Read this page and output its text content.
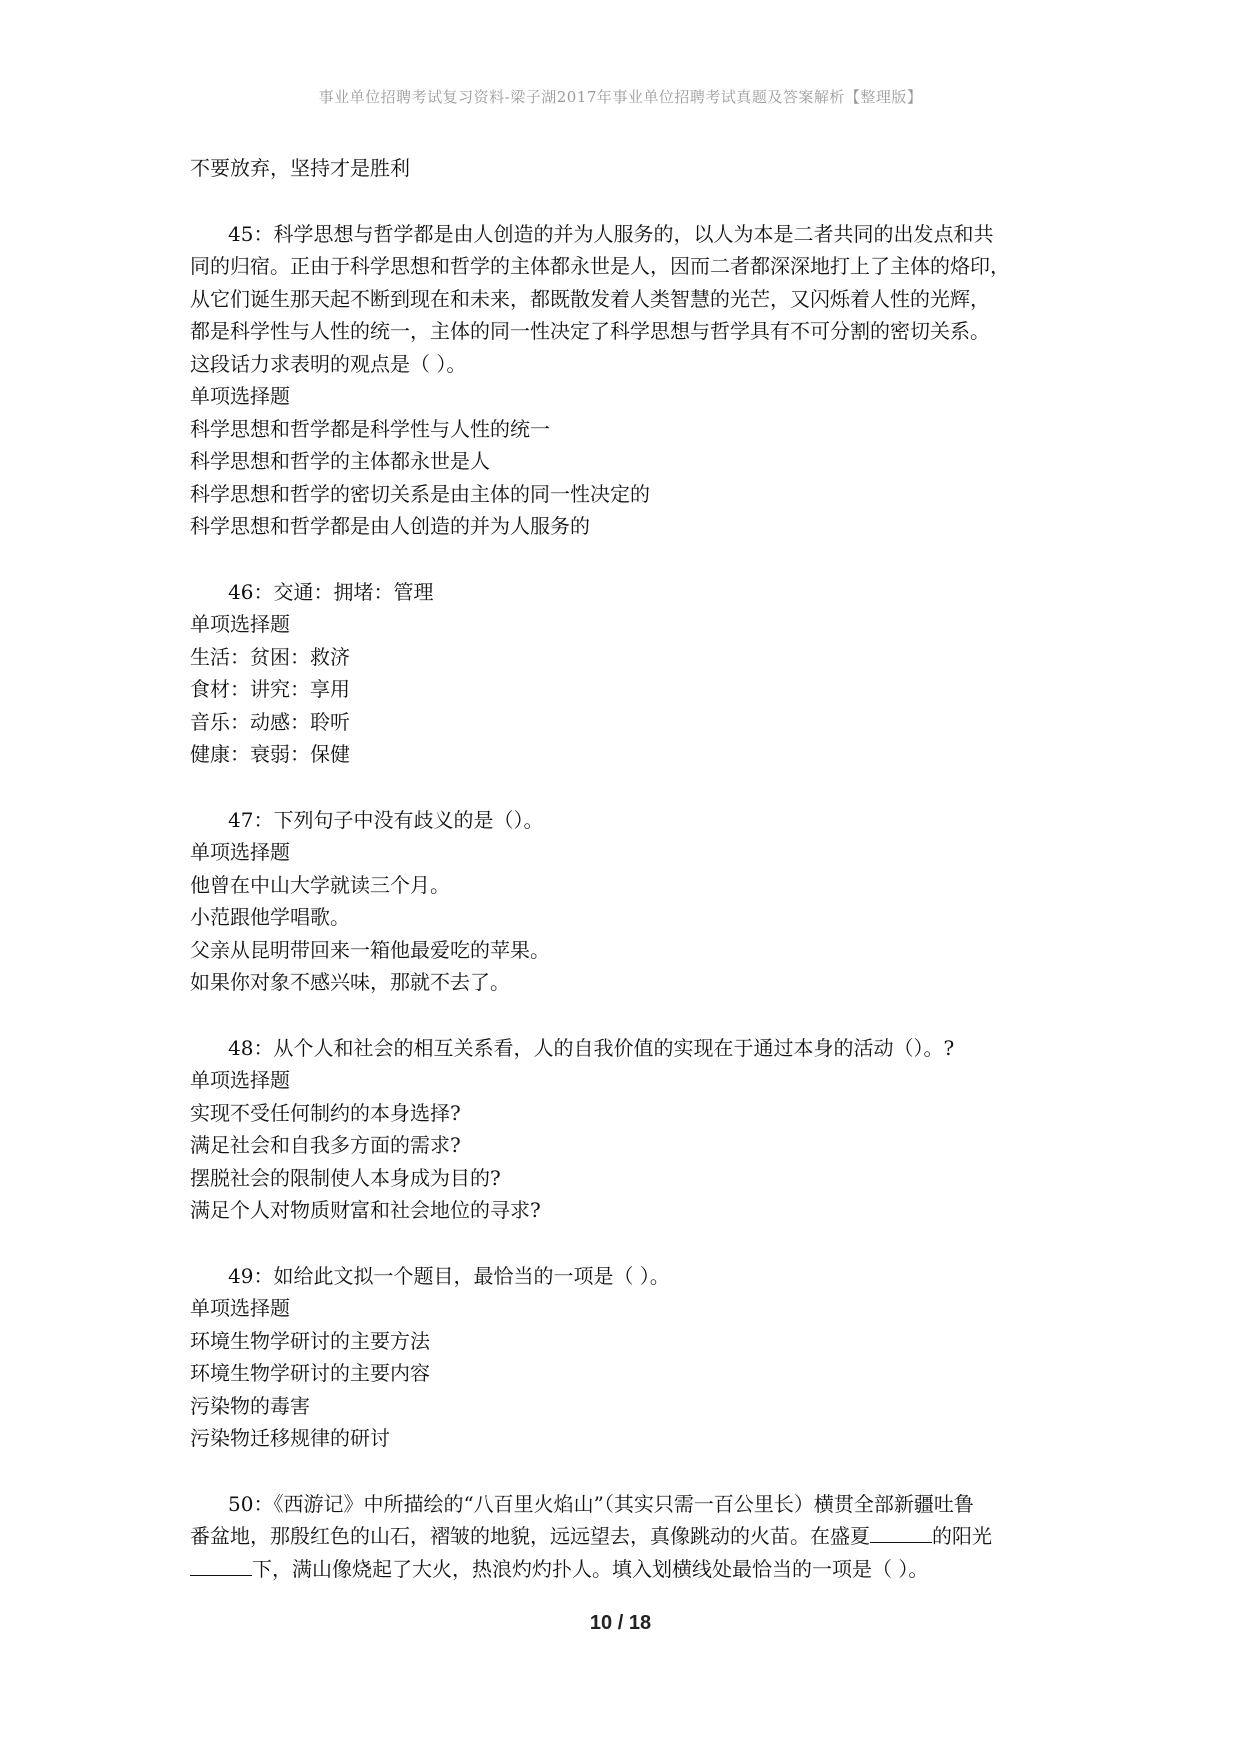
事业单位招聘考试复习资料-梁子湖2017年事业单位招聘考试真题及答案解析【整理版】
不要放弃，坚持才是胜利
45：科学思想与哲学都是由人创造的并为人服务的，以人为本是二者共同的出发点和共
同的归宿。正由于科学思想和哲学的主体都永世是人，因而二者都深深地打上了主体的烙印，
从它们诞生那天起不断到现在和未来，都既散发着人类智慧的光芒，又闪烁着人性的光辉，
都是科学性与人性的统一，主体的同一性决定了科学思想与哲学具有不可分割的密切关系。
这段话力求表明的观点是（ ）。
单项选择题
科学思想和哲学都是科学性与人性的统一
科学思想和哲学的主体都永世是人
科学思想和哲学的密切关系是由主体的同一性决定的
科学思想和哲学都是由人创造的并为人服务的
46：交通：拥堵：管理
单项选择题
生活：贫困：救济
食材：讲究：享用
音乐：动感：聆听
健康：衰弱：保健
47：下列句子中没有歧义的是（）。
单项选择题
他曾在中山大学就读三个月。
小范跟他学唱歌。
父亲从昆明带回来一箱他最爱吃的苹果。
如果你对象不感兴味，那就不去了。
48：从个人和社会的相互关系看，人的自我价值的实现在于通过本身的活动（）。?
单项选择题
实现不受任何制约的本身选择?
满足社会和自我多方面的需求?
摆脱社会的限制使人本身成为目的?
满足个人对物质财富和社会地位的寻求?
49：如给此文拟一个题目，最恰当的一项是（ ）。
单项选择题
环境生物学研讨的主要方法
环境生物学研讨的主要内容
污染物的毒害
污染物迁移规律的研讨
50：《西游记》中所描绘的“八百里火焰山”（其实只需一百公里长）横贯全部新疆吐鲁
番盆地，那殷红色的山石，褶皱的地貌，远远望去，真像跳动的火苗。在盛夏	的阳光
下，满山像烧起了大火，热浪灼灼扑人。填入划横线处最恰当的一项是（ ）。
10 / 18
